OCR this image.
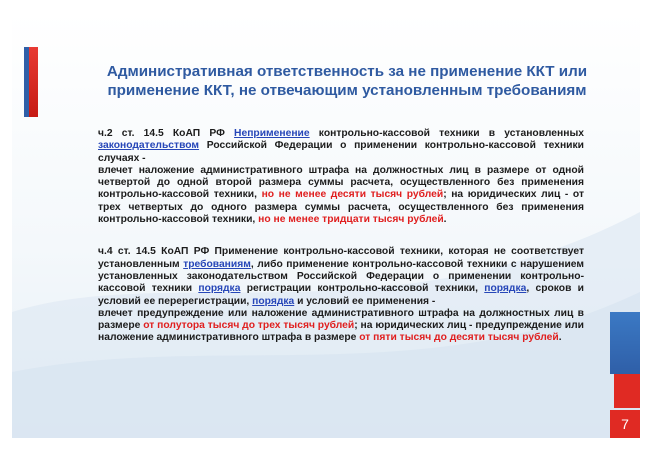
Административная ответственность за не применение ККТ или
применение ККТ, не отвечающим установленным требованиям

ч.2 ст. 14.5 КоАП РФ Неприменение контрольно-кассовой техники в установленных законодательством Российской Федерации о применении контрольно-кассовой техники случаях -

влечет наложение административного штрафа на должностных лиц в размере от одной четвертой до одной второй размера суммы расчета, осуществленного без применения контрольно-кассовой техники, но не менее десяти тысяч рублей; на юридических лиц - от трех четвертых до одного размера суммы расчета, осуществленного без применения контрольно-кассовой техники, но не менее тридцати тысяч рублей.

ч.4 ст. 14.5 КоАП РФ Применение контрольно-кассовой техники, которая не соответствует установленным требованиям, либо применение контрольно-кассовой техники с нарушением установленных законодательством Российской Федерации о применении контрольно-кассовой техники порядка регистрации контрольно-кассовой техники, порядка, сроков и условий ее перерегистрации, порядка и условий ее применения -

влечет предупреждение или наложение административного штрафа на должностных лиц в размере от полутора тысяч до трех тысяч рублей; на юридических лиц - предупреждение или наложение административного штрафа в размере от пяти тысяч до десяти тысяч рублей.

7
